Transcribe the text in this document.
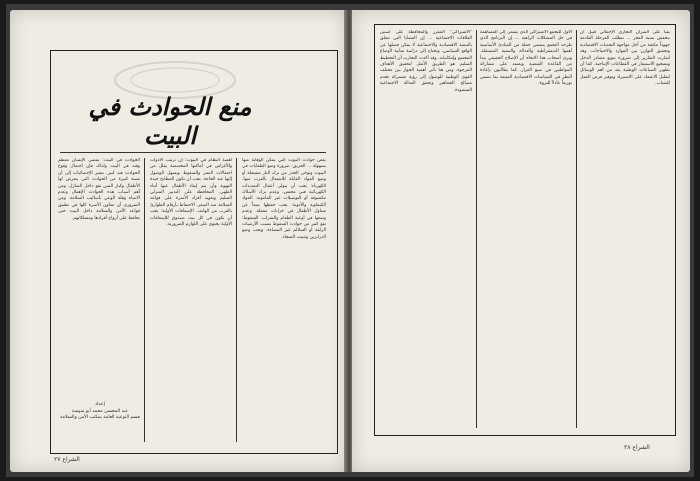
منع الحوادث في البيت
بعض حوادث البيوت التي يمكن الوقاية منها بسهولة ... الحريق: ضرورة وضع الطفايات في البيوت وتوخي الحذر من ترك النار مشتعلة أو وضع المواد القابلة للاشتعال بالقرب منها. الكهرباء: يجب أن يتولى أعمال التمديدات الكهربائية فني مختص، وعدم ترك الأسلاك مكشوفة أو التوصيلات غير المأمونة. المواد الكيماوية والأدوية: يجب حفظها بعيداً عن متناول الأطفال في خزانات مقفلة، وعدم وضعها في أوعية الطعام والشراب. السقوط: تقع كثير من حوادث السقوط بسبب الأرضيات الزلقة أو السلالم غير المضاءة، ويجب وضع الدرابزين وتثبيت السجاد.
أهمية النظام في البيوت: إن ترتيب الأدوات والأغراض في أماكنها المخصصة يقلل من احتمالات التعثر والسقوط ويسهل الوصول إليها عند الحاجة. يجب أن تكون المطابخ جيدة التهوية وأن يتم إبعاد الأطفال عنها أثناء الطهي. المحافظة على التدبير المنزلي السليم وتعويد أفراد الأسرة على قواعد السلامة منذ الصغر. الاحتفاظ بأرقام الطوارئ بالقرب من الهاتف. الإسعافات الأولية: يجب أن يكون في كل بيت صندوق للإسعافات الأولية يحتوي على اللوازم الضرورية.
الحوادث في البيت: يمضي الإنسان معظم وقته في البيت ولذلك فإن احتمال وقوع الحوادث فيه كبير. تشير الإحصائيات إلى أن نسبة كبيرة من الحوادث التي يتعرض لها الأطفال وكبار السن تقع داخل المنازل. ومن أهم أسباب هذه الحوادث الإهمال وعدم الانتباه وقلة الوعي بأساليب السلامة. ومن الضروري أن تتعاون الأسرة كلها في تطبيق قواعد الأمن والسلامة داخل البيت حتى نحافظ على أرواح أفرادها وممتلكاتهم.
إعداد
عبد المحسن محمد أبو شوشة
قسم التوعية العامة بمكتب الأمن والسلامة
الشراع ٢٧
"الاشتراكي" المقرر والمحافظة على أسس العلاقات الاجتماعية ... إن القضايا التي تتعلق بالتنمية الاقتصادية والاجتماعية لا يمكن فصلها عن الواقع السياسي، وتحتاج إلى دراسة متأنية لأوضاع المجتمع وإمكانياته. وقد أكدت التجارب أن التخطيط السليم هو الطريق الأمثل لتحقيق الأهداف المرجوة. ومن هنا تأتي أهمية الحوار بين مختلف القوى الوطنية للوصول إلى رؤية مشتركة تخدم مصالح الجماهير وتحقق العدالة الاجتماعية المنشودة.
الأول للتجمع الاشتراكي الذي يسعى إلى المساهمة في حل المشكلات الراهنة ... إن البرنامج الذي طرحه التجمع يتضمن جملة من المبادئ الأساسية أهمها الديمقراطية والعدالة والتنمية المستقلة. ويرى أصحاب هذا الاتجاه أن الإصلاح الحقيقي يبدأ من القاعدة الشعبية ويعتمد على مشاركة المواطنين في صنع القرار. كما يطالبون بإعادة النظر في السياسات الاقتصادية المتبعة بما يضمن توزيعاً عادلاً للثروة.
بقيا على الميزان التجاري الإجمالي قبيل أن تنخفض نسبة العجز ... تتطلب المرحلة القادمة جهوداً مكثفة من أجل مواجهة التحديات الاقتصادية وتحقيق التوازن بين الموارد والاحتياجات. وقد أشارت التقارير إلى ضرورة تنويع مصادر الدخل وتشجيع الاستثمار في القطاعات الإنتاجية. كما أن تطوير الصناعات الوطنية يعد من أهم الوسائل لتقليل الاعتماد على الاستيراد وتوفير فرص العمل للشباب.
الشراع ٢٨
